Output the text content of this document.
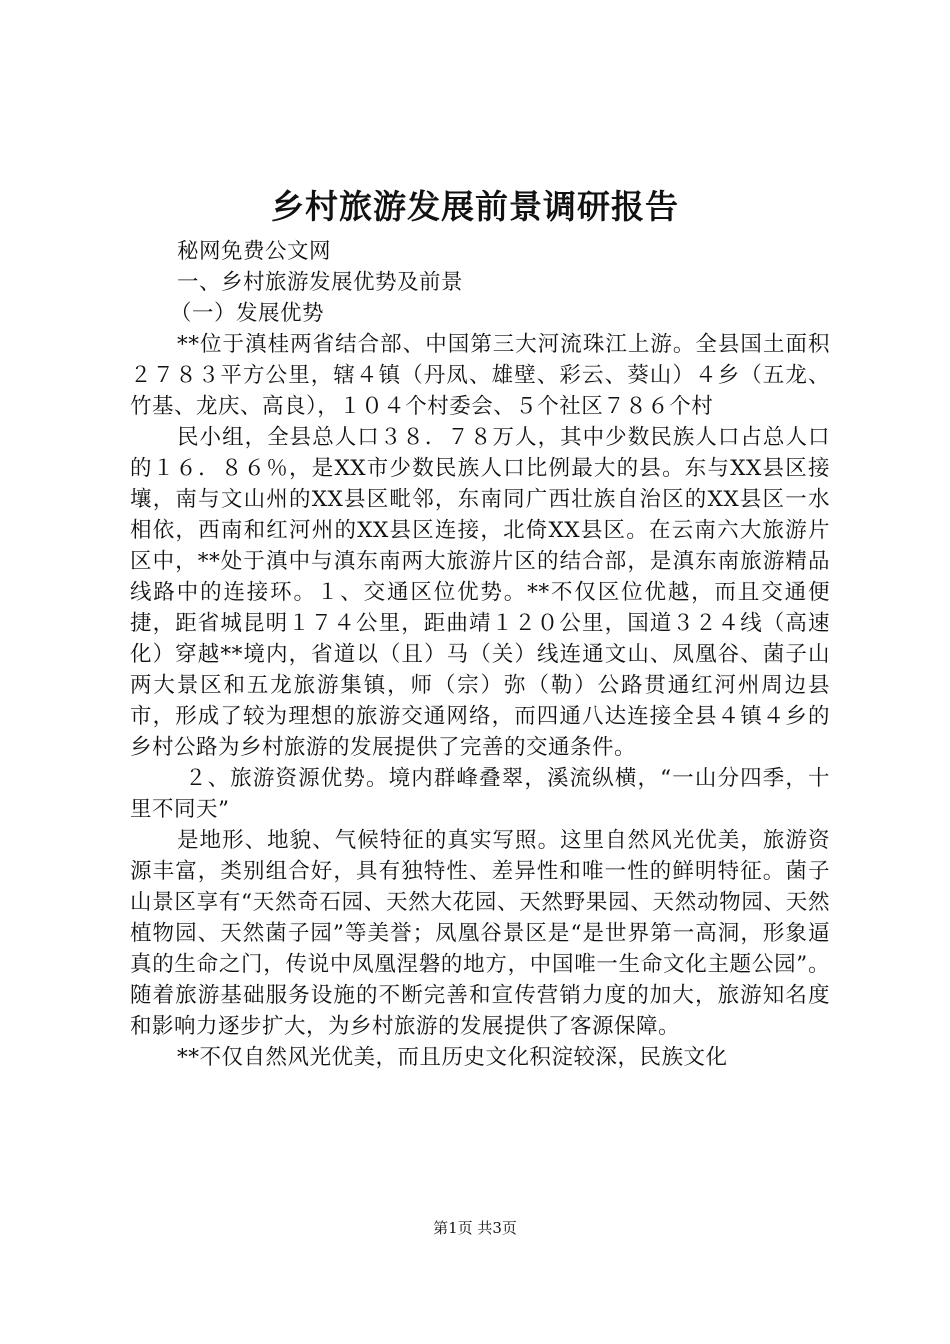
乡村旅游发展前景调研报告

秘网免费公文网

一、乡村旅游发展优势及前景

（一）发展优势

**位于滇桂两省结合部、中国第三大河流珠江上游。全县国土面积２７８３平方公里，辖４镇（丹凤、雄壁、彩云、葵山）４乡（五龙、竹基、龙庆、高良），１０４个村委会、５个社区７８６个村

民小组，全县总人口３８．７８万人，其中少数民族人口占总人口的１６．８６％，是XX市少数民族人口比例最大的县。东与XX县区接壤，南与文山州的XX县区毗邻，东南同广西壮族自治区的XX县区一水相依，西南和红河州的XX县区连接，北倚XX县区。在云南六大旅游片区中，**处于滇中与滇东南两大旅游片区的结合部，是滇东南旅游精品线路中的连接环。１、交通区位优势。**不仅区位优越，而且交通便捷，距省城昆明１７４公里，距曲靖１２０公里，国道３２４线（高速化）穿越**境内，省道以（且）马（关）线连通文山、凤凰谷、菌子山两大景区和五龙旅游集镇，师（宗）弥（勒）公路贯通红河州周边县市，形成了较为理想的旅游交通网络，而四通八达连接全县４镇４乡的乡村公路为乡村旅游的发展提供了完善的交通条件。

２、旅游资源优势。境内群峰叠翠，溪流纵横，“一山分四季，十里不同天”

是地形、地貌、气候特征的真实写照。这里自然风光优美，旅游资源丰富，类别组合好，具有独特性、差异性和唯一性的鲜明特征。菌子山景区享有“天然奇石园、天然大花园、天然野果园、天然动物园、天然植物园、天然菌子园”等美誉；凤凰谷景区是“是世界第一高洞，形象逼真的生命之门，传说中凤凰涅磐的地方，中国唯一生命文化主题公园”。随着旅游基础服务设施的不断完善和宣传营销力度的加大，旅游知名度和影响力逐步扩大，为乡村旅游的发展提供了客源保障。

**不仅自然风光优美，而且历史文化积淀较深，民族文化

第1页 共3页
